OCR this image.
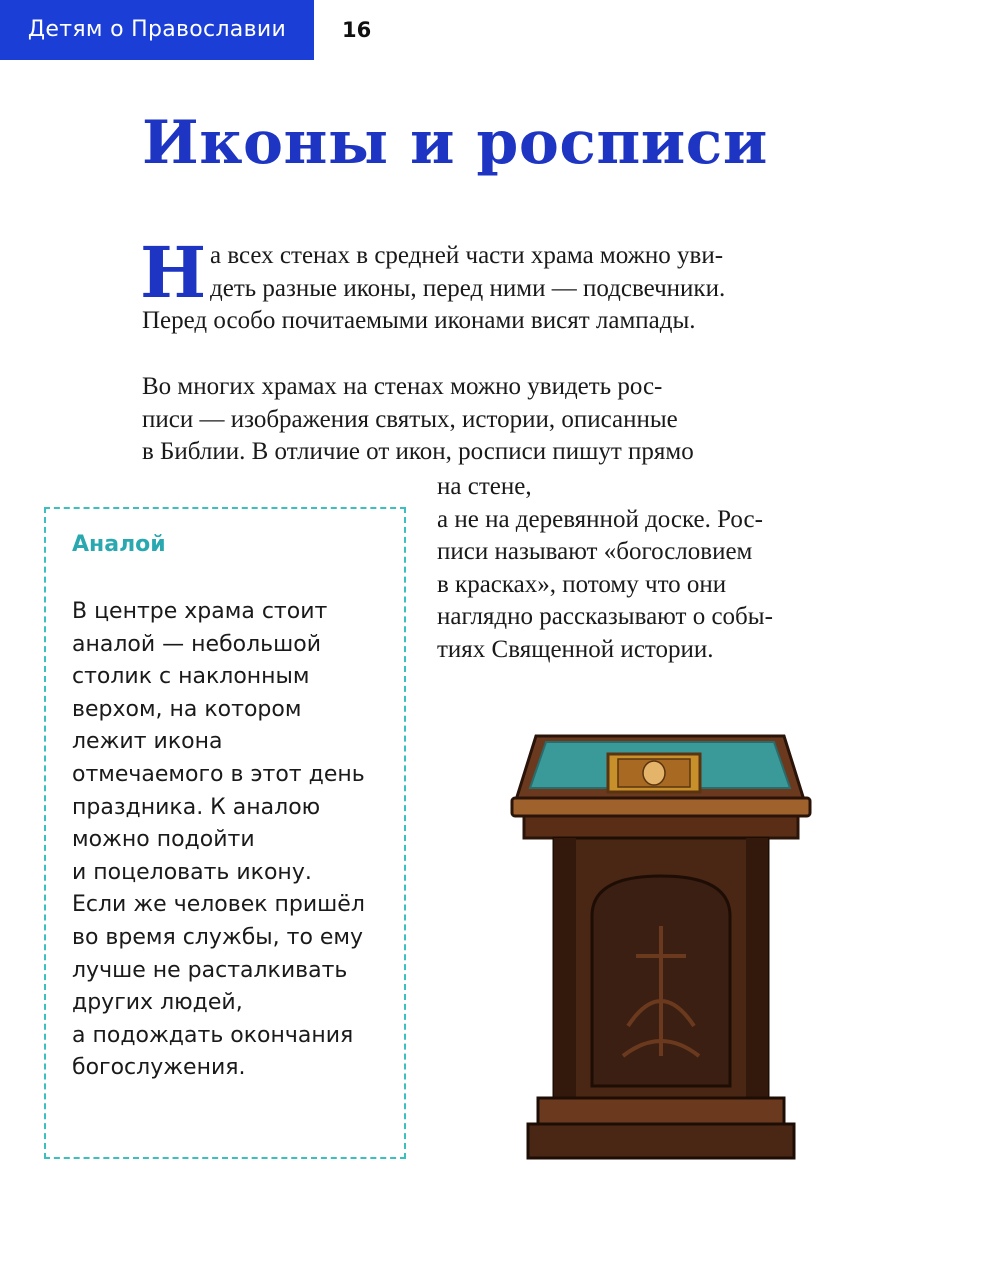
Детям о Православии	16
Иконы и росписи
Н а всех стенах в средней части храма можно уви-
деть разные иконы, перед ними — подсвечники.
Перед особо почитаемыми иконами висят лампады.

Во многих храмах на стенах можно увидеть рос-
писи — изображения святых, истории, описанные
в Библии. В отличие от икон, росписи пишут прямо

на стене,
а не на деревянной доске. Рос-
писи называют «богословием
в красках», потому что они
наглядно рассказывают о собы-
тиях Священной истории.

Аналой

В центре храма стоит
аналой — небольшой
столик с наклонным
верхом, на котором
лежит икона
отмечаемого в этот день
праздника. К аналою
можно подойти
и поцеловать икону.
Если же человек пришёл
во время службы, то ему
лучше не расталкивать
других людей,
а подождать окончания
богослужения.
